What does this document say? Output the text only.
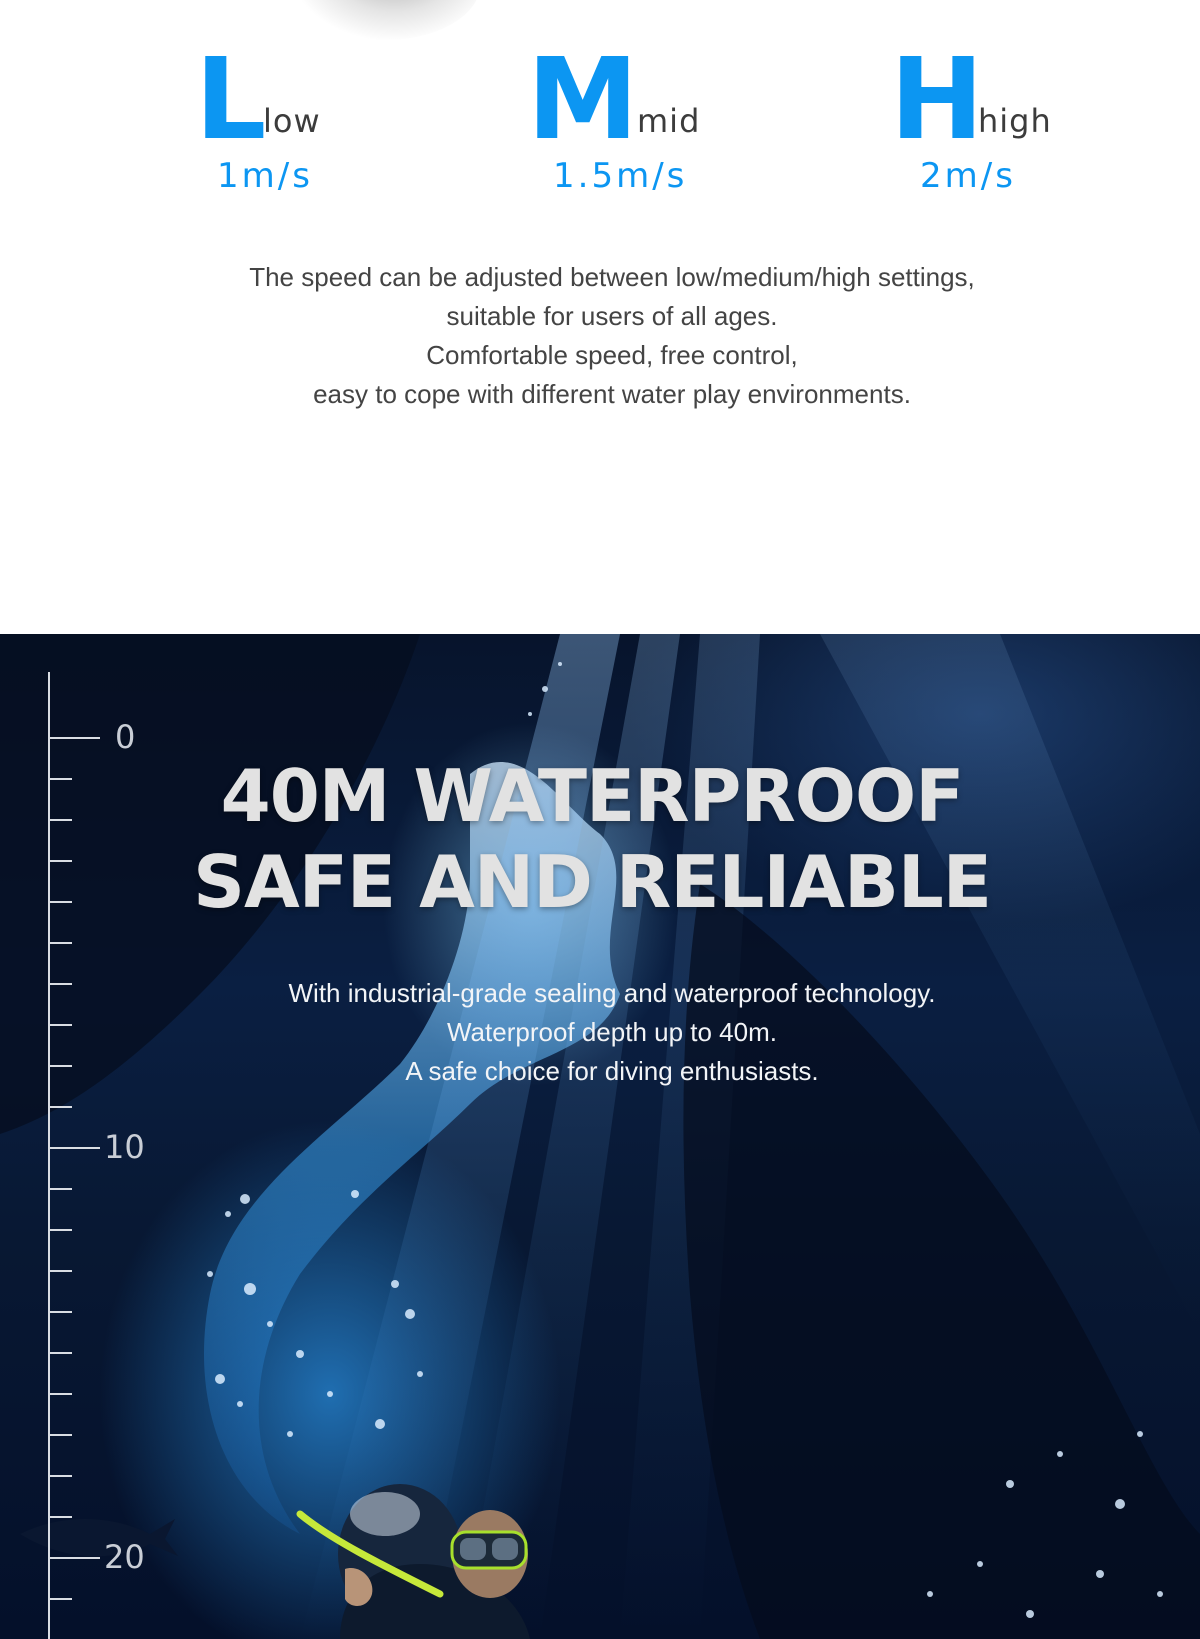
L
low
1m/s
M
mid
1.5m/s
H
high
2m/s
The speed can be adjusted between low/medium/high settings,
suitable for users of all ages.
Comfortable speed, free control,
easy to cope with different water play environments.
0
10
20
40M WATERPROOF
SAFE AND RELIABLE
With industrial-grade sealing and waterproof technology.
Waterproof depth up to 40m.
A safe choice for diving enthusiasts.
